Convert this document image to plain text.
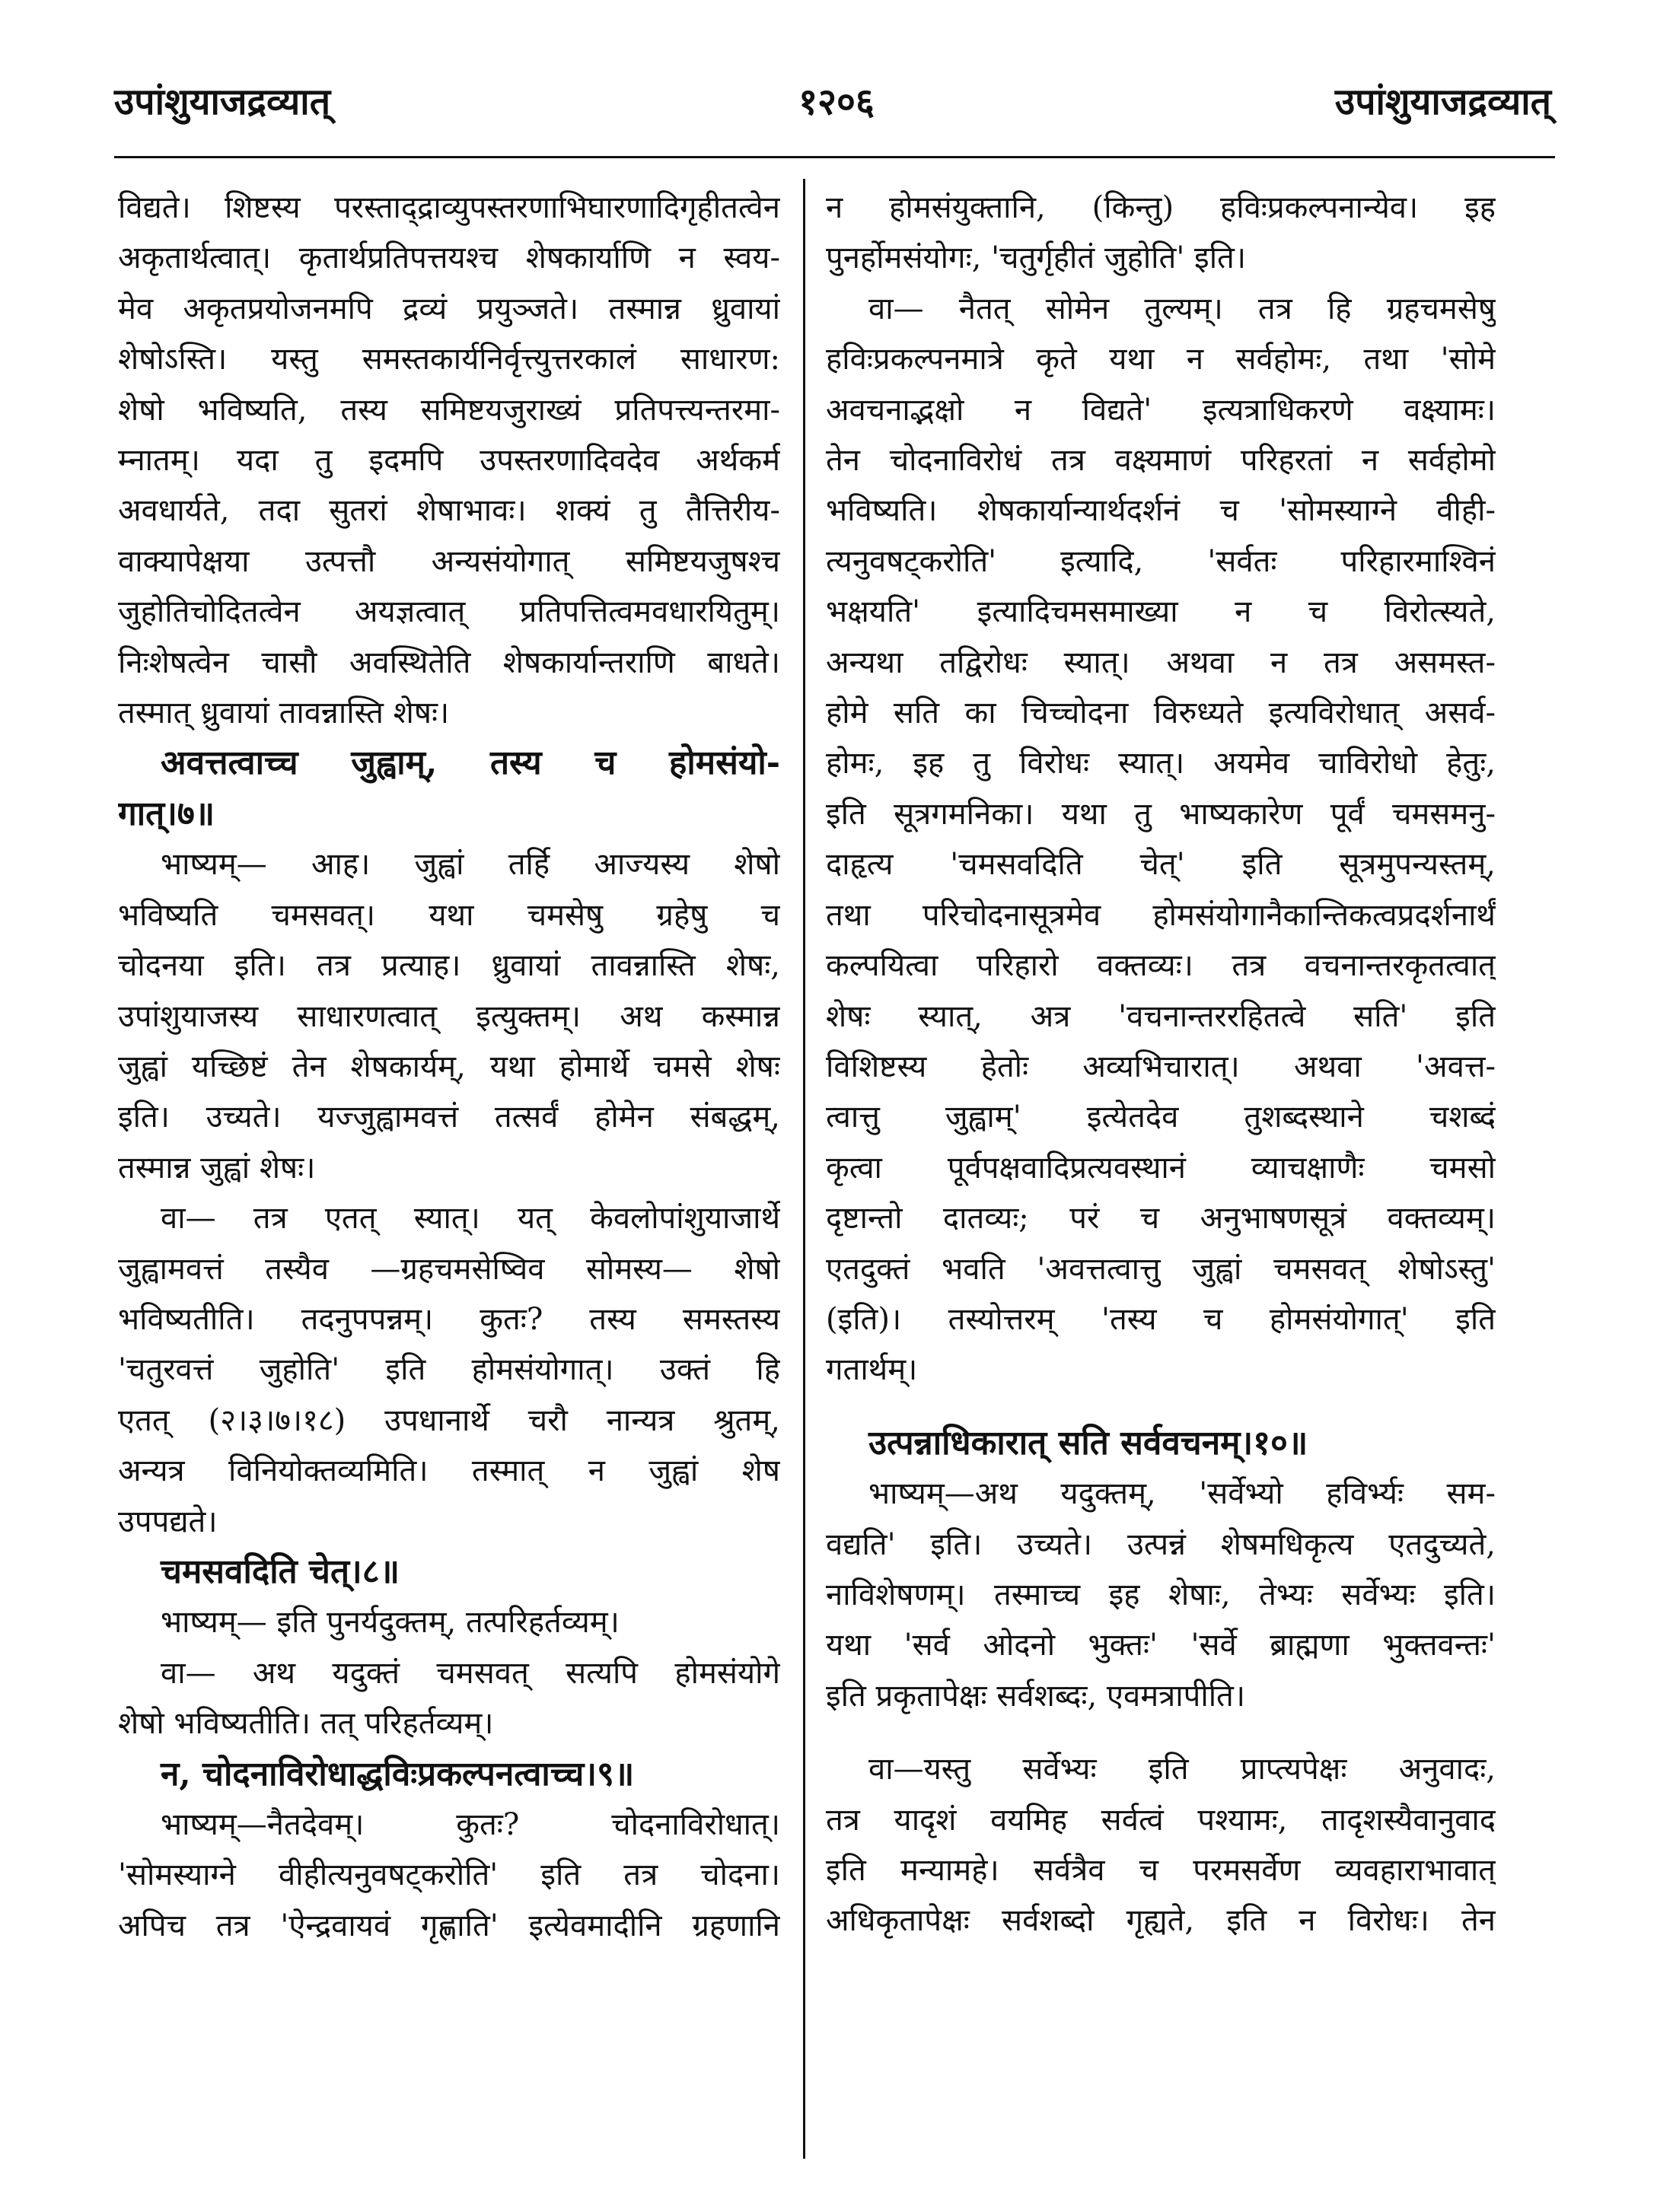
उपांशुयाजद्रव्यात्	१२०६	उपांशुयाजद्रव्यात्

विद्यते। शिष्टस्य परस्ताद्द्राव्युपस्तरणाभिघारणादिगृहीतत्वेन

अकृतार्थत्वात्। कृतार्थप्रतिपत्तयश्च शेषकार्याणि न स्वय-

मेव अकृतप्रयोजनमपि द्रव्यं प्रयुञ्जते। तस्मान्न ध्रुवायां

शेषोऽस्ति। यस्तु समस्तकार्यनिर्वृत्त्युत्तरकालं साधारण:

शेषो भविष्यति, तस्य समिष्टयजुराख्यं प्रतिपत्त्यन्तरमा-

म्नातम्। यदा तु इदमपि उपस्तरणादिवदेव अर्थकर्म

अवधार्यते, तदा सुतरां शेषाभावः। शक्यं तु तैत्तिरीय-

वाक्यापेक्षया उत्पत्तौ अन्यसंयोगात् समिष्टयजुषश्च

जुहोतिचोदितत्वेन अयज्ञत्वात् प्रतिपत्तित्वमवधारयितुम्।

निःशेषत्वेन चासौ अवस्थितेति शेषकार्यान्तराणि बाधते।

तस्मात् ध्रुवायां तावन्नास्ति शेषः।

अवत्तत्वाच्च जुह्वाम्, तस्य च होमसंयो-

गात्।७॥

भाष्यम्— आह। जुह्वां तर्हि आज्यस्य शेषो

भविष्यति चमसवत्। यथा चमसेषु ग्रहेषु च

चोदनया इति। तत्र प्रत्याह। ध्रुवायां तावन्नास्ति शेषः,

उपांशुयाजस्य साधारणत्वात् इत्युक्तम्। अथ कस्मान्न

जुह्वां यच्छिष्टं तेन शेषकार्यम्, यथा होमार्थे चमसे शेषः

इति। उच्यते। यज्जुह्वामवत्तं तत्सर्वं होमेन संबद्धम्,

तस्मान्न जुह्वां शेषः।

वा— तत्र एतत् स्यात्। यत् केवलोपांशुयाजार्थे

जुह्वामवत्तं तस्यैव —ग्रहचमसेष्विव सोमस्य— शेषो

भविष्यतीति। तदनुपपन्नम्। कुतः? तस्य समस्तस्य

'चतुरवत्तं जुहोति' इति होमसंयोगात्। उक्तं हि

एतत् (२।३।७।१८) उपधानार्थे चरौ नान्यत्र श्रुतम्,

अन्यत्र विनियोक्तव्यमिति। तस्मात् न जुह्वां शेष

उपपद्यते।

चमसवदिति चेत्।८॥

भाष्यम्— इति पुनर्यदुक्तम्, तत्परिहर्तव्यम्।

वा— अथ यदुक्तं चमसवत् सत्यपि होमसंयोगे

शेषो भविष्यतीति। तत् परिहर्तव्यम्।

न, चोदनाविरोधाद्धविःप्रकल्पनत्वाच्च।९॥

भाष्यम्—नैतदेवम्। कुतः? चोदनाविरोधात्।

'सोमस्याग्ने वीहीत्यनुवषट्करोति' इति तत्र चोदना।

अपिच तत्र 'ऐन्द्रवायवं गृह्णाति' इत्येवमादीनि ग्रहणानि

न होमसंयुक्तानि, (किन्तु) हविःप्रकल्पनान्येव। इह

पुनर्होमसंयोगः, 'चतुर्गृहीतं जुहोति' इति।

वा— नैतत् सोमेन तुल्यम्। तत्र हि ग्रहचमसेषु

हविःप्रकल्पनमात्रे कृते यथा न सर्वहोमः, तथा 'सोमे

अवचनाद्भक्षो न विद्यते' इत्यत्राधिकरणे वक्ष्यामः।

तेन चोदनाविरोधं तत्र वक्ष्यमाणं परिहरतां न सर्वहोमो

भविष्यति। शेषकार्यान्यार्थदर्शनं च 'सोमस्याग्ने वीही-

त्यनुवषट्करोति' इत्यादि, 'सर्वतः परिहारमाश्विनं

भक्षयति' इत्यादिचमसमाख्या न च विरोत्स्यते,

अन्यथा तद्विरोधः स्यात्। अथवा न तत्र असमस्त-

होमे सति का चिच्चोदना विरुध्यते इत्यविरोधात् असर्व-

होमः, इह तु विरोधः स्यात्। अयमेव चाविरोधो हेतुः,

इति सूत्रगमनिका। यथा तु भाष्यकारेण पूर्वं चमसमनु-

दाहृत्य 'चमसवदिति चेत्' इति सूत्रमुपन्यस्तम्,

तथा परिचोदनासूत्रमेव होमसंयोगानैकान्तिकत्वप्रदर्शनार्थं

कल्पयित्वा परिहारो वक्तव्यः। तत्र वचनान्तरकृतत्वात्

शेषः स्यात्, अत्र 'वचनान्तररहितत्वे सति' इति

विशिष्टस्य हेतोः अव्यभिचारात्। अथवा 'अवत्त-

त्वात्तु जुह्वाम्' इत्येतदेव तुशब्दस्थाने चशब्दं

कृत्वा पूर्वपक्षवादिप्रत्यवस्थानं व्याचक्षाणैः चमसो

दृष्टान्तो दातव्यः; परं च अनुभाषणसूत्रं वक्तव्यम्।

एतदुक्तं भवति 'अवत्तत्वात्तु जुह्वां चमसवत् शेषोऽस्तु'

(इति)। तस्योत्तरम् 'तस्य च होमसंयोगात्' इति

गतार्थम्।

उत्पन्नाधिकारात् सति सर्ववचनम्।१०॥

भाष्यम्—अथ यदुक्तम्, 'सर्वेभ्यो हविर्भ्यः सम-

वद्यति' इति। उच्यते। उत्पन्नं शेषमधिकृत्य एतदुच्यते,

नाविशेषणम्। तस्माच्च इह शेषाः, तेभ्यः सर्वेभ्यः इति।

यथा 'सर्व ओदनो भुक्तः' 'सर्वे ब्राह्मणा भुक्तवन्तः'

इति प्रकृतापेक्षः सर्वशब्दः, एवमत्रापीति।

वा—यस्तु सर्वेभ्यः इति प्राप्त्यपेक्षः अनुवादः,

तत्र यादृशं वयमिह सर्वत्वं पश्यामः, तादृशस्यैवानुवाद

इति मन्यामहे। सर्वत्रैव च परमसर्वेण व्यवहाराभावात्

अधिकृतापेक्षः सर्वशब्दो गृह्यते, इति न विरोधः। तेन
